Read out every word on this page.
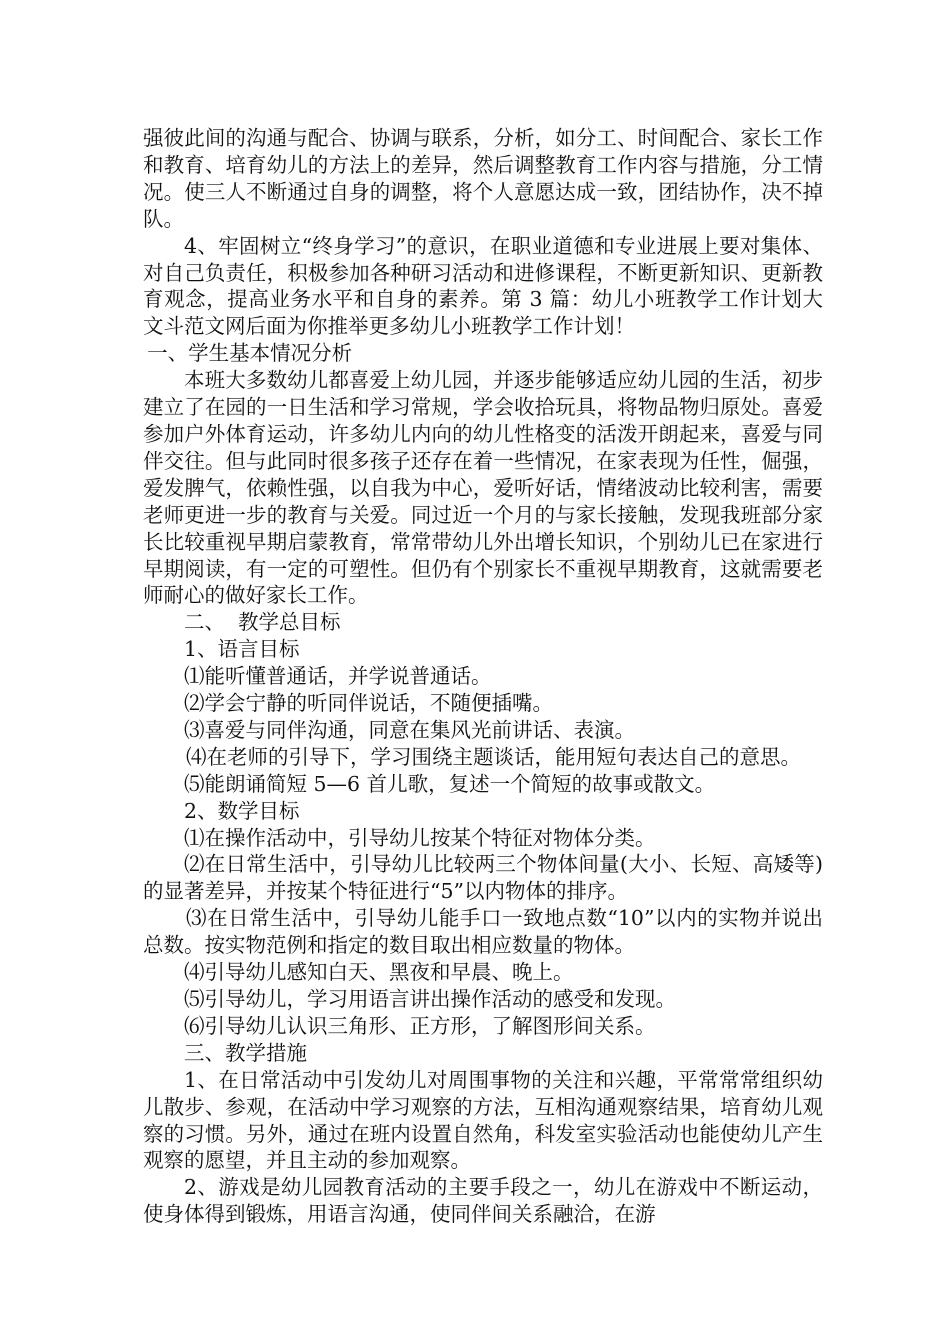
强彼此间的沟通与配合、协调与联系，分析，如分工、时间配合、家长工作和教育、培育幼儿的方法上的差异，然后调整教育工作内容与措施，分工情况。使三人不断通过自身的调整，将个人意愿达成一致，团结协作，决不掉队。

4、牢固树立“终身学习”的意识，在职业道德和专业进展上要对集体、对自己负责任，积极参加各种研习活动和进修课程，不断更新知识、更新教育观念，提高业务水平和自身的素养。第 3 篇：幼儿小班教学工作计划大文斗范文网后面为你推举更多幼儿小班教学工作计划！

一、学生基本情况分析

本班大多数幼儿都喜爱上幼儿园，并逐步能够适应幼儿园的生活，初步建立了在园的一日生活和学习常规，学会收拾玩具，将物品物归原处。喜爱参加户外体育运动，许多幼儿内向的幼儿性格变的活泼开朗起来，喜爱与同伴交往。但与此同时很多孩子还存在着一些情况，在家表现为任性，倔强，爱发脾气，依赖性强，以自我为中心，爱听好话，情绪波动比较利害，需要老师更进一步的教育与关爱。同过近一个月的与家长接触，发现我班部分家长比较重视早期启蒙教育，常常带幼儿外出增长知识，个别幼儿已在家进行早期阅读，有一定的可塑性。但仍有个别家长不重视早期教育，这就需要老师耐心的做好家长工作。

二、  教学总目标

1、语言目标

⑴能听懂普通话，并学说普通话。

⑵学会宁静的听同伴说话，不随便插嘴。

⑶喜爱与同伴沟通，同意在集风光前讲话、表演。

⑷在老师的引导下，学习围绕主题谈话，能用短句表达自己的意思。

⑸能朗诵简短 5—6 首儿歌，复述一个简短的故事或散文。

2、数学目标

⑴在操作活动中，引导幼儿按某个特征对物体分类。

⑵在日常生活中，引导幼儿比较两三个物体间量(大小、长短、高矮等)的显著差异，并按某个特征进行“5”以内物体的排序。

⑶在日常生活中，引导幼儿能手口一致地点数“10”以内的实物并说出总数。按实物范例和指定的数目取出相应数量的物体。

⑷引导幼儿感知白天、黑夜和早晨、晚上。

⑸引导幼儿，学习用语言讲出操作活动的感受和发现。

⑹引导幼儿认识三角形、正方形，了解图形间关系。

三、教学措施

1、在日常活动中引发幼儿对周围事物的关注和兴趣，平常常常组织幼儿散步、参观，在活动中学习观察的方法，互相沟通观察结果，培育幼儿观察的习惯。另外，通过在班内设置自然角，科发室实验活动也能使幼儿产生观察的愿望，并且主动的参加观察。

2、游戏是幼儿园教育活动的主要手段之一，幼儿在游戏中不断运动，使身体得到锻炼，用语言沟通，使同伴间关系融洽，在游
